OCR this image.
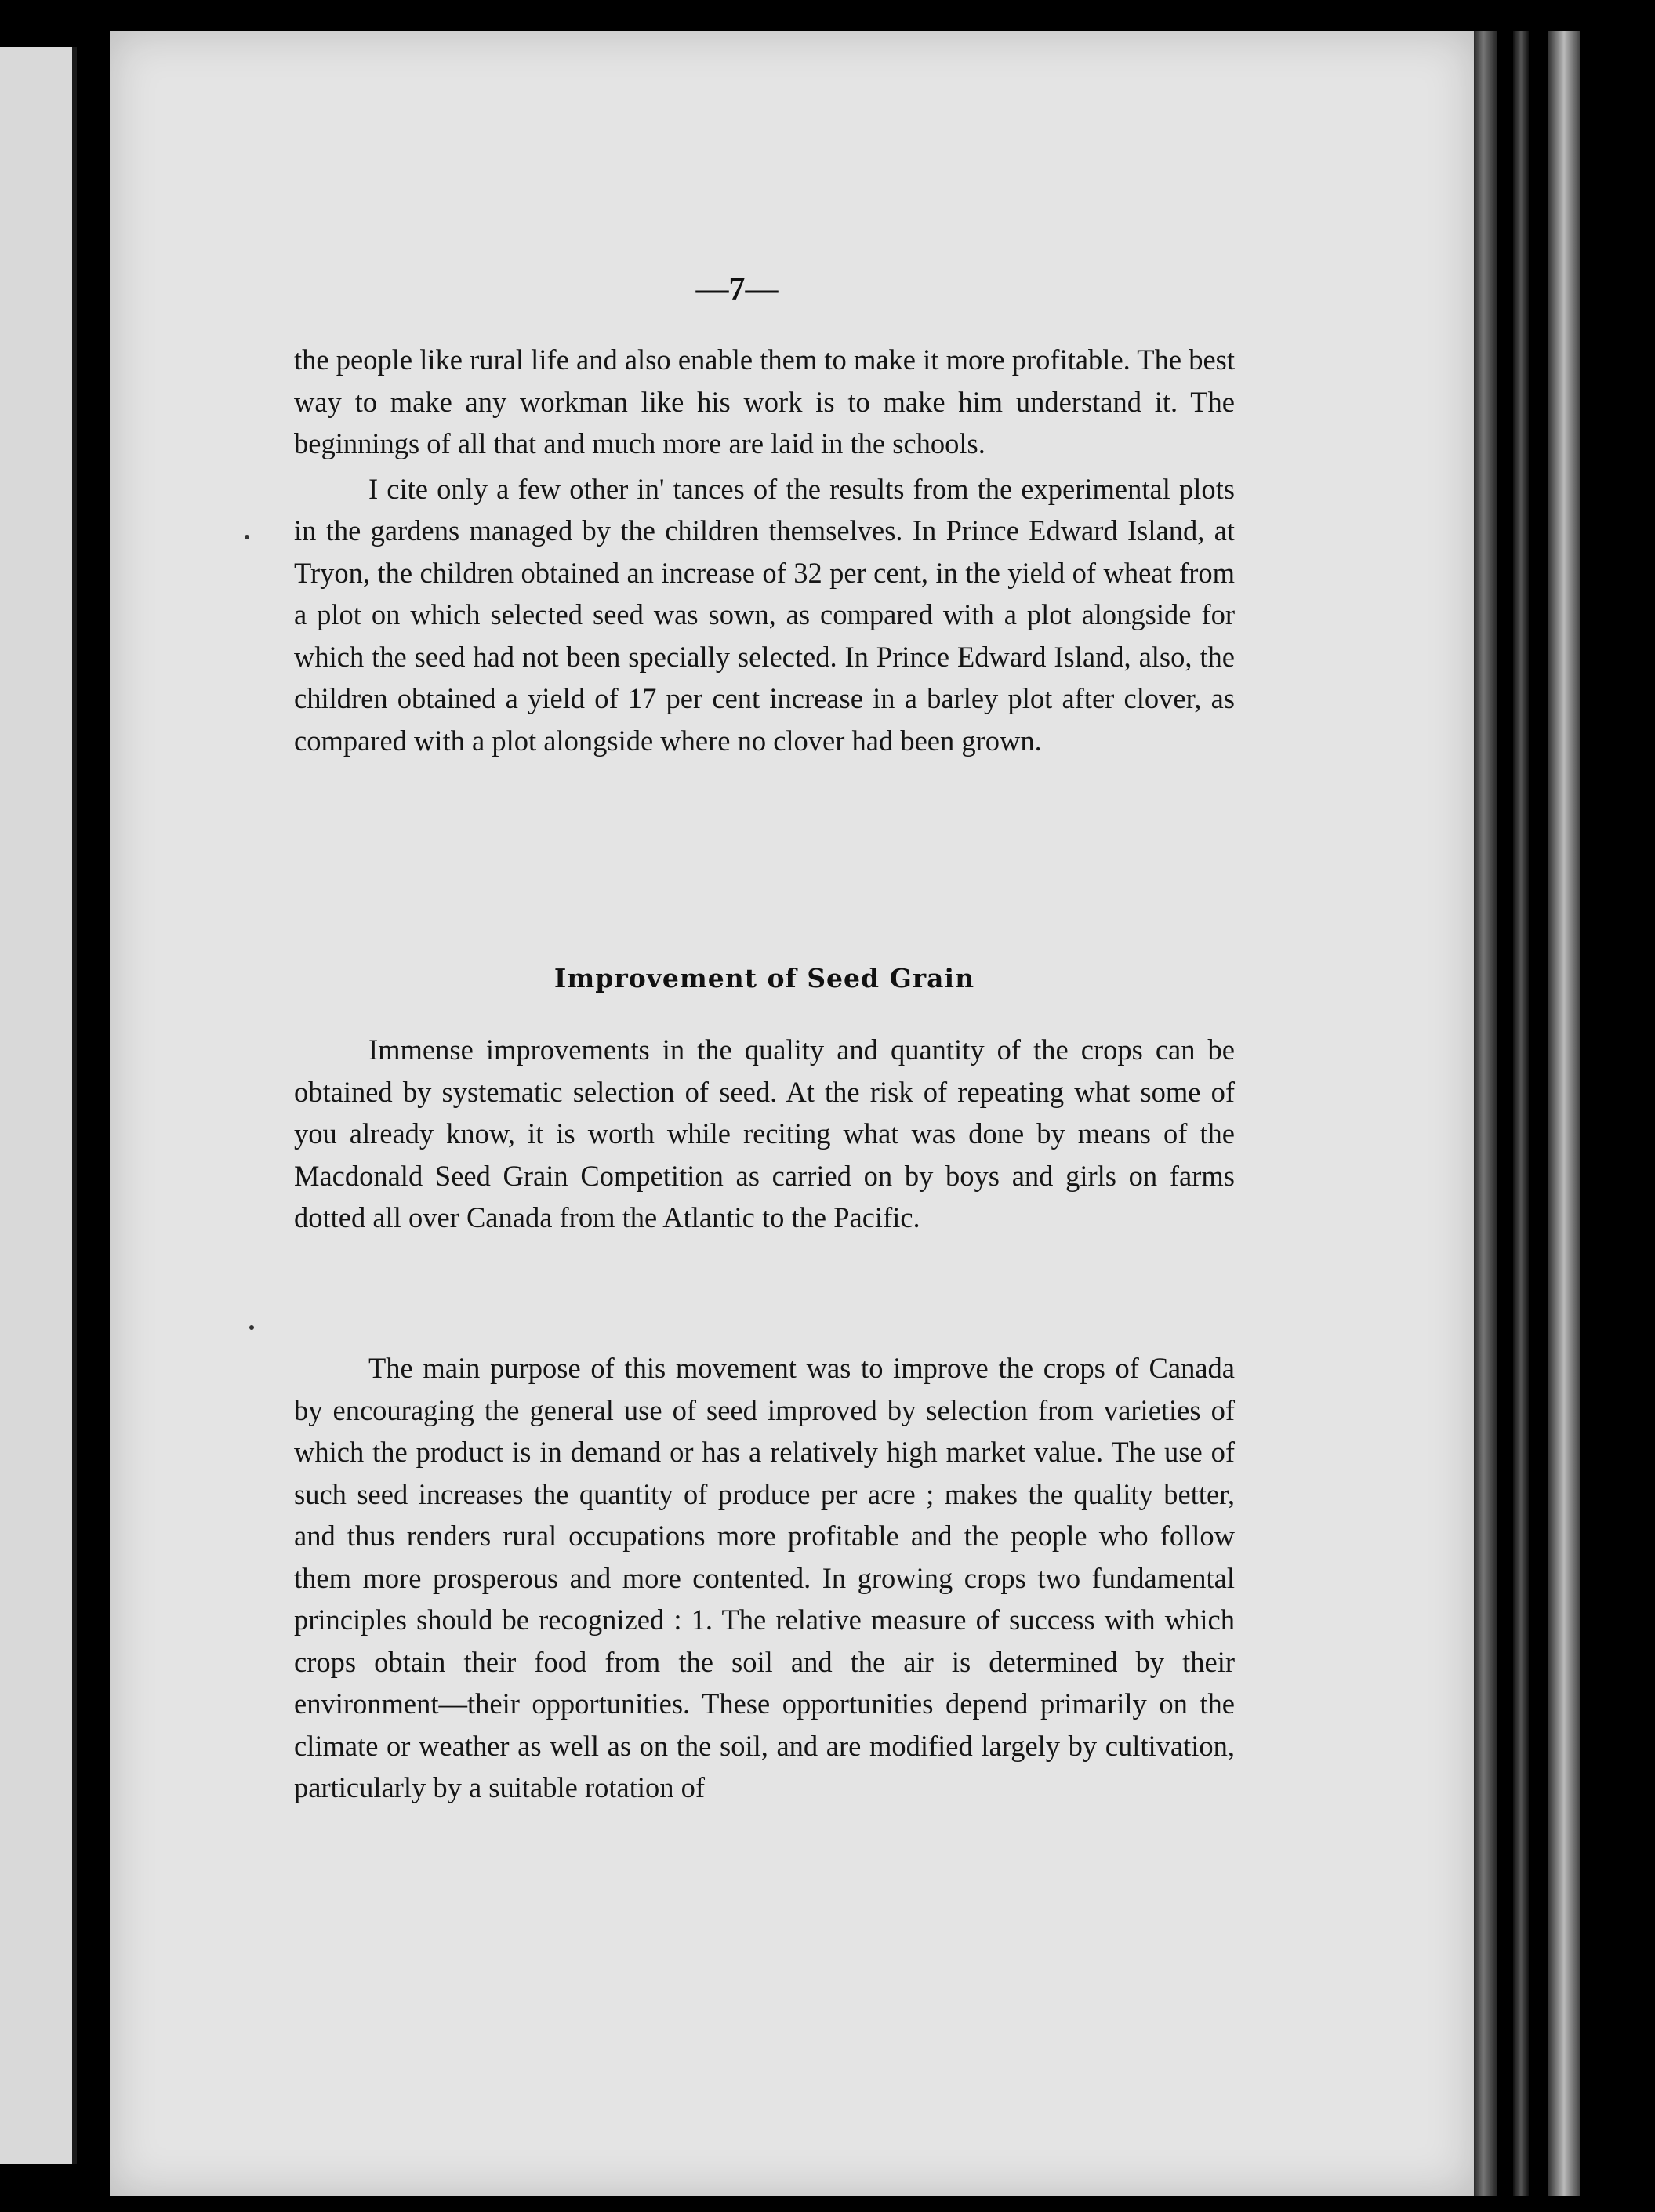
—7—

the people like rural life and also enable them to make it more profitable. The best way to make any workman like his work is to make him understand it. The beginnings of all that and much more are laid in the schools.

I cite only a few other in' tances of the results from the experimental plots in the gardens managed by the children themselves. In Prince Edward Island, at Tryon, the children obtained an increase of 32 per cent, in the yield of wheat from a plot on which selected seed was sown, as compared with a plot alongside for which the seed had not been specially selected. In Prince Edward Island, also, the children obtained a yield of 17 per cent increase in a barley plot after clover, as compared with a plot alongside where no clover had been grown.

Improvement of Seed Grain

Immense improvements in the quality and quantity of the crops can be obtained by systematic selection of seed. At the risk of repeating what some of you already know, it is worth while reciting what was done by means of the Macdonald Seed Grain Competition as carried on by boys and girls on farms dotted all over Canada from the Atlantic to the Pacific.

The main purpose of this movement was to improve the crops of Canada by encouraging the general use of seed improved by selection from varieties of which the product is in demand or has a relatively high market value. The use of such seed increases the quantity of produce per acre ; makes the quality better, and thus renders rural occupations more profitable and the people who follow them more prosperous and more contented. In growing crops two fundamental principles should be recognized : 1. The relative measure of success with which crops obtain their food from the soil and the air is determined by their environment—their opportunities. These opportunities depend primarily on the climate or weather as well as on the soil, and are modified largely by cultivation, particularly by a suitable rotation of
